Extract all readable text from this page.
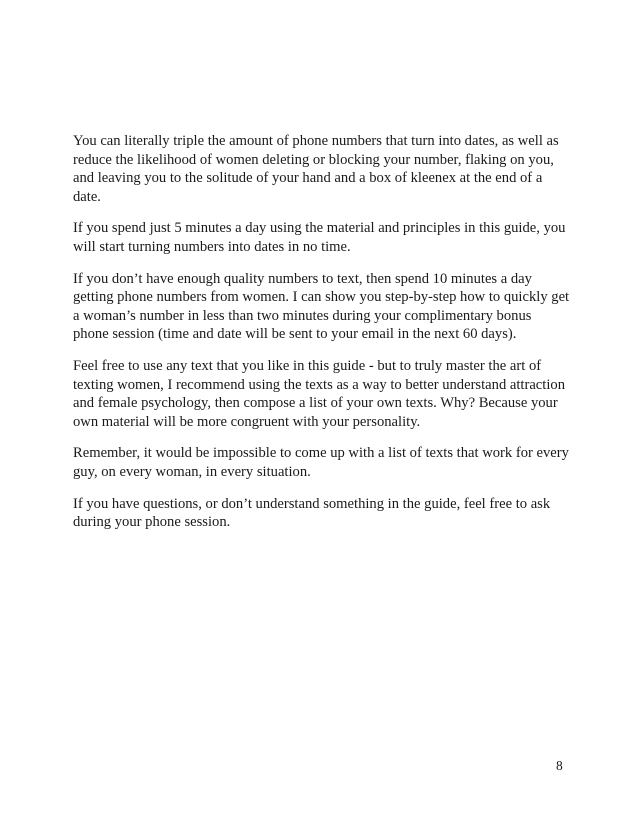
You can literally triple the amount of phone numbers that turn into dates, as well as
reduce the likelihood of women deleting or blocking your number, flaking on you,
and leaving you to the solitude of your hand and a box of kleenex at the end of a
date.

If you spend just 5 minutes a day using the material and principles in this guide, you
will start turning numbers into dates in no time.

If you don’t have enough quality numbers to text, then spend 10 minutes a day
getting phone numbers from women. I can show you step-by-step how to quickly get
a woman’s number in less than two minutes during your complimentary bonus
phone session (time and date will be sent to your email in the next 60 days).

Feel free to use any text that you like in this guide - but to truly master the art of
texting women, I recommend using the texts as a way to better understand attraction
and female psychology, then compose a list of your own texts. Why? Because your
own material will be more congruent with your personality.

Remember, it would be impossible to come up with a list of texts that work for every
guy, on every woman, in every situation.

If you have questions, or don’t understand something in the guide, feel free to ask
during your phone session.

8
